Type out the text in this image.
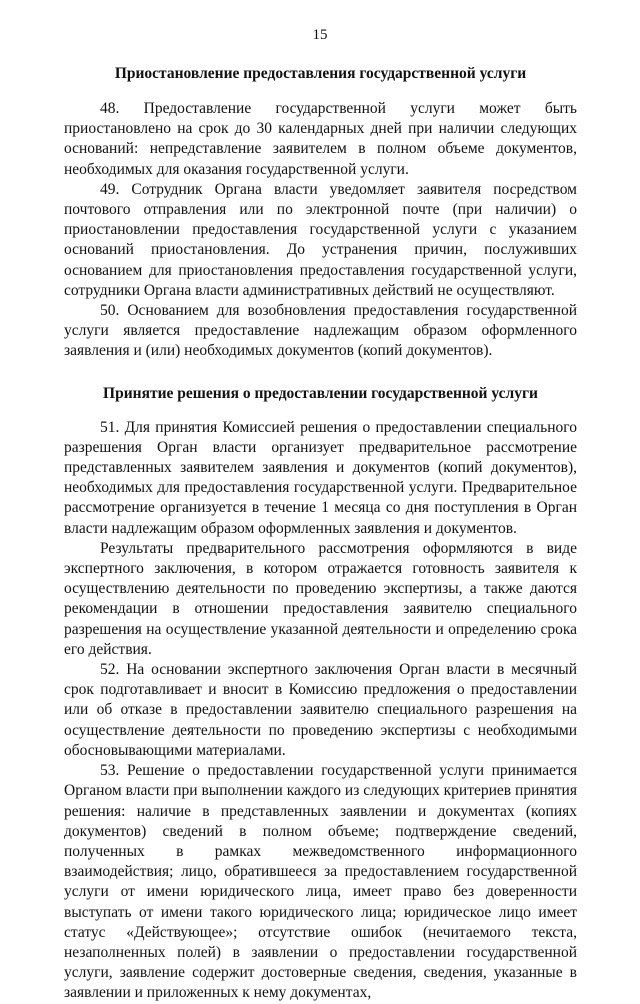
15
Приостановление предоставления государственной услуги

48. Предоставление государственной услуги может быть приостановлено на срок до 30 календарных дней при наличии следующих оснований: непредставление заявителем в полном объеме документов, необходимых для оказания государственной услуги.

49. Сотрудник Органа власти уведомляет заявителя посредством почтового отправления или по электронной почте (при наличии) о приостановлении предоставления государственной услуги с указанием оснований приостановления. До устранения причин, послуживших основанием для приостановления предоставления государственной услуги, сотрудники Органа власти административных действий не осуществляют.

50. Основанием для возобновления предоставления государственной услуги является предоставление надлежащим образом оформленного заявления и (или) необходимых документов (копий документов).

Принятие решения о предоставлении государственной услуги

51. Для принятия Комиссией решения о предоставлении специального разрешения Орган власти организует предварительное рассмотрение представленных заявителем заявления и документов (копий документов), необходимых для предоставления государственной услуги. Предварительное рассмотрение организуется в течение 1 месяца со дня поступления в Орган власти надлежащим образом оформленных заявления и документов.

Результаты предварительного рассмотрения оформляются в виде экспертного заключения, в котором отражается готовность заявителя к осуществлению деятельности по проведению экспертизы, а также даются рекомендации в отношении предоставления заявителю специального разрешения на осуществление указанной деятельности и определению срока его действия.

52. На основании экспертного заключения Орган власти в месячный срок подготавливает и вносит в Комиссию предложения о предоставлении или об отказе в предоставлении заявителю специального разрешения на осуществление деятельности по проведению экспертизы с необходимыми обосновывающими материалами.

53. Решение о предоставлении государственной услуги принимается Органом власти при выполнении каждого из следующих критериев принятия решения: наличие в представленных заявлении и документах (копиях документов) сведений в полном объеме; подтверждение сведений, полученных в рамках межведомственного информационного взаимодействия; лицо, обратившееся за предоставлением государственной услуги от имени юридического лица, имеет право без доверенности выступать от имени такого юридического лица; юридическое лицо имеет статус «Действующее»; отсутствие ошибок (нечитаемого текста, незаполненных полей) в заявлении о предоставлении государственной услуги, заявление содержит достоверные сведения, сведения, указанные в заявлении и приложенных к нему документах,
